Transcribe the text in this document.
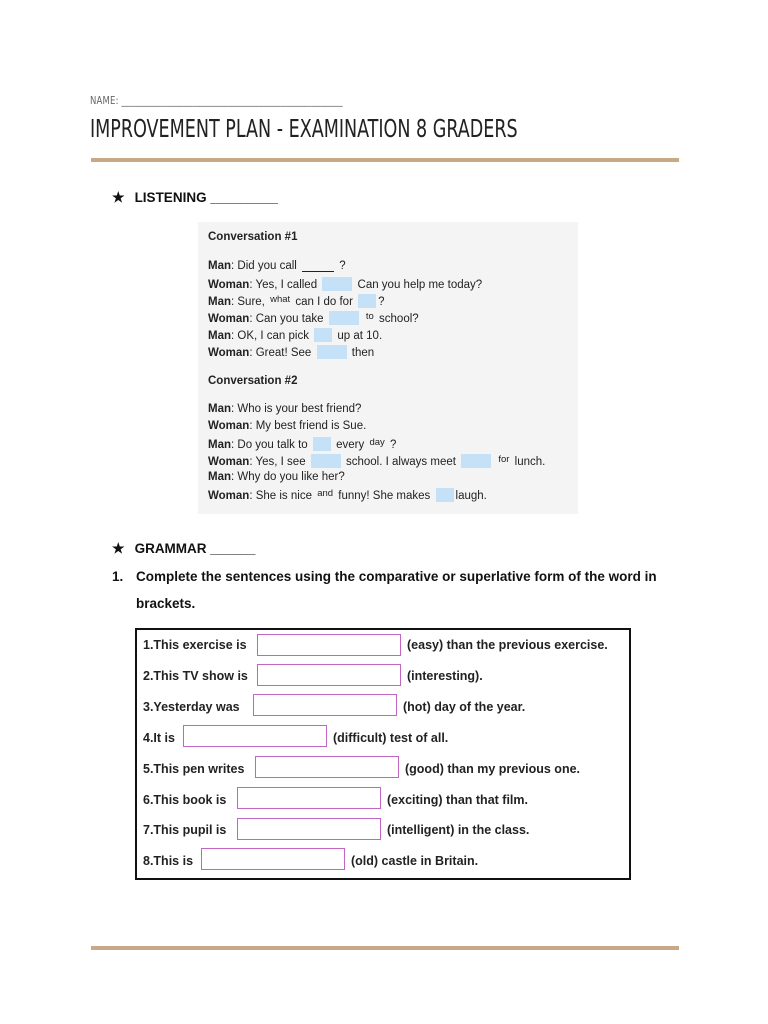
NAME: __________________________________________________
IMPROVEMENT PLAN - EXAMINATION 8 GRADERS
★ LISTENING _________
Conversation #1
Man: Did you call	?
Woman: Yes, I called	Can you help me today?
Man: Sure, $^{what}$ can I do for ?
Woman: Can you take	$^{to}$ school?
Man: OK, I can pick up at 10.
Woman: Great! See	then
Conversation #2
Man: Who is your best friend?
Woman: My best friend is Sue.
Man: Do you talk to every $^{day}$ ?
Woman: Yes, I see	school. I always meet	$^{for}$ lunch.
Man: Why do you like her?
Woman: She is nice $^{and}$ funny! She makes laugh.
★ GRAMMAR ______
1. Complete the sentences using the comparative or superlative form of the word in brackets.
1.This exercise is	(easy) than the previous exercise.
2.This TV show is	(interesting).
3.Yesterday was	(hot) day of the year.
4.It is	(difficult) test of all.
5.This pen writes	(good) than my previous one.
6.This book is	(exciting) than that film.
7.This pupil is	(intelligent) in the class.
8.This is	(old) castle in Britain.
